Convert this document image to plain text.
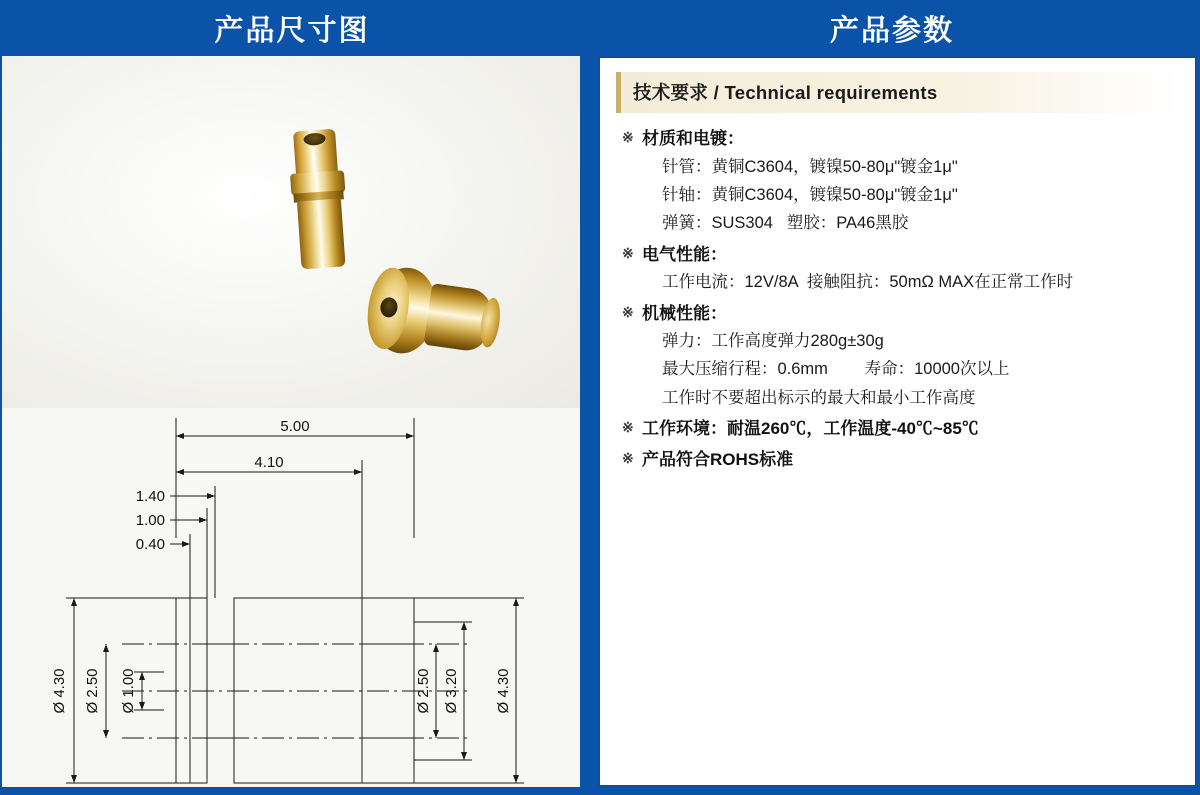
产品尺寸图	产品参数
5.00
4.10
1.40
1.00
0.40
Ø 4.30 Ø 2.50 Ø 1.00	Ø 2.50 Ø 3.20 Ø 4.30
技术要求 / Technical requirements
※ 材质和电镀：
针管：黄铜C3604，镀镍50-80μ"镀金1μ"
针轴：黄铜C3604，镀镍50-80μ"镀金1μ"
弹簧：SUS304   塑胶：PA46黑胶
※ 电气性能：
工作电流：12V/8A  接触阻抗：50mΩ MAX在正常工作时
※ 机械性能：
弹力：工作高度弹力280g±30g
最大压缩行程：0.6mm        寿命：10000次以上
工作时不要超出标示的最大和最小工作高度
※ 工作环境：耐温260℃，工作温度-40℃~85℃
※ 产品符合ROHS标准
